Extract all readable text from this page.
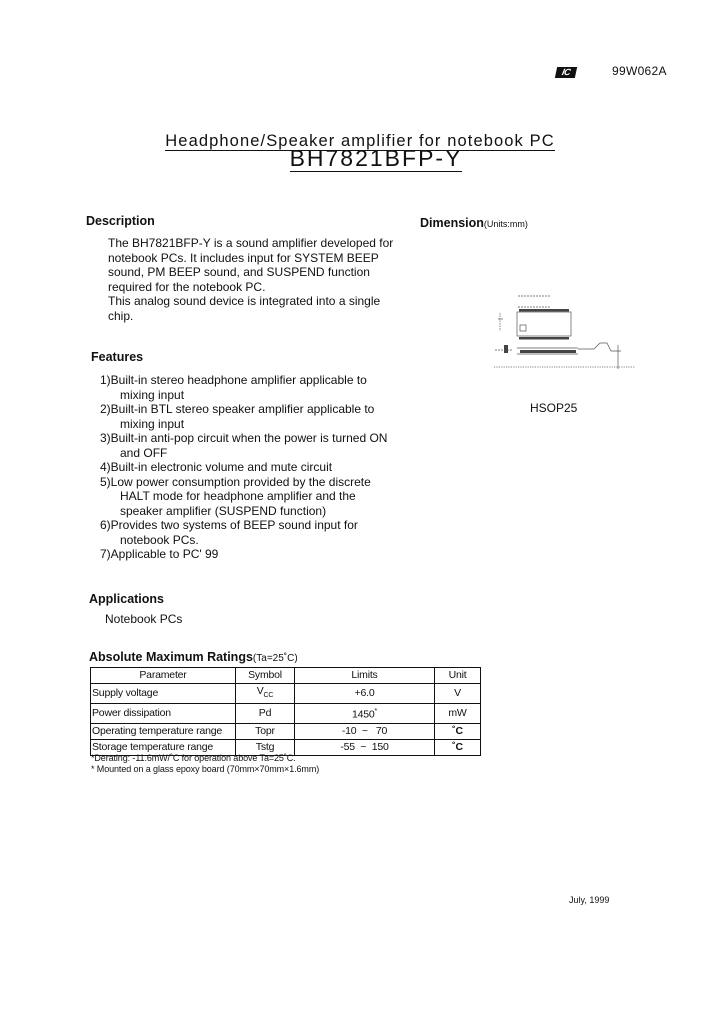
IC	99W062A
Headphone/Speaker amplifier for notebook PC
BH7821BFP-Y
Description
The BH7821BFP-Y is a sound amplifier developed for
notebook PCs. It includes input for SYSTEM BEEP
sound, PM BEEP sound, and SUSPEND function
required for the notebook PC.
This analog sound device is integrated into a single
chip.
Dimension(Units:mm)
HSOP25
Features
1)Built-in stereo headphone amplifier applicable to
mixing input
2)Built-in BTL stereo speaker amplifier applicable to
mixing input
3)Built-in anti-pop circuit when the power is turned ON
and OFF
4)Built-in electronic volume and mute circuit
5)Low power consumption provided by the discrete
HALT mode for headphone amplifier and the
speaker amplifier (SUSPEND function)
6)Provides two systems of BEEP sound input for
notebook PCs.
7)Applicable to PC' 99
Applications
Notebook PCs
Absolute Maximum Ratings(Ta=25˚C)
Parameter	Symbol	Limits	Unit
Supply voltage	$V_{CC}$	+6.0	V
Power dissipation	Pd	1450*	mW
Operating temperature range	Topr	-10  ~   70	˚C
Storage temperature range	Tstg	-55  ~  150	˚C
*Derating: -11.6mW/˚C for operation above Ta=25˚C.
* Mounted on a glass epoxy board (70mm×70mm×1.6mm)
July, 1999
